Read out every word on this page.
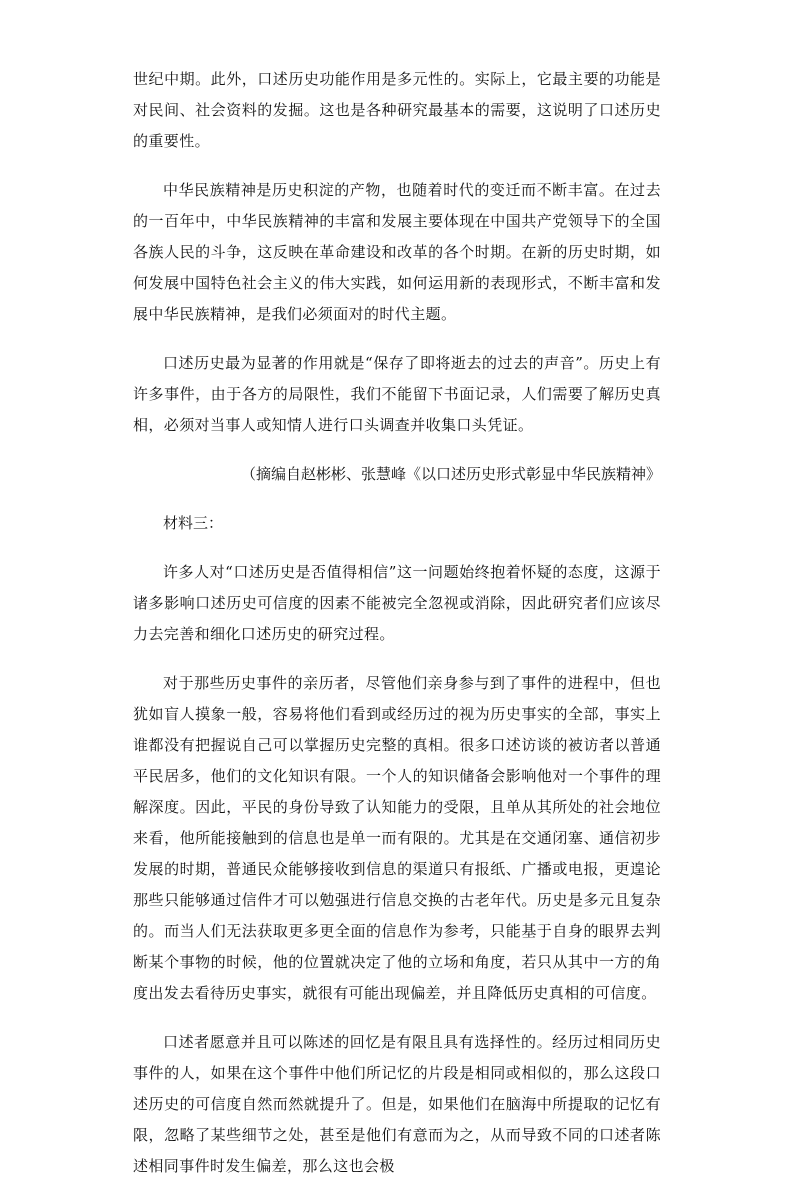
世纪中期。此外，口述历史功能作用是多元性的。实际上，它最主要的功能是对民间、社会资料的发掘。这也是各种研究最基本的需要，这说明了口述历史的重要性。

中华民族精神是历史积淀的产物，也随着时代的变迁而不断丰富。在过去的一百年中，中华民族精神的丰富和发展主要体现在中国共产党领导下的全国各族人民的斗争，这反映在革命建设和改革的各个时期。在新的历史时期，如何发展中国特色社会主义的伟大实践，如何运用新的表现形式，不断丰富和发展中华民族精神，是我们必须面对的时代主题。

口述历史最为显著的作用就是“保存了即将逝去的过去的声音”。历史上有许多事件，由于各方的局限性，我们不能留下书面记录，人们需要了解历史真相，必须对当事人或知情人进行口头调查并收集口头凭证。

（摘编自赵彬彬、张慧峰《以口述历史形式彰显中华民族精神》
材料三：

许多人对“口述历史是否值得相信”这一问题始终抱着怀疑的态度，这源于诸多影响口述历史可信度的因素不能被完全忽视或消除，因此研究者们应该尽力去完善和细化口述历史的研究过程。

对于那些历史事件的亲历者，尽管他们亲身参与到了事件的进程中，但也犹如盲人摸象一般，容易将他们看到或经历过的视为历史事实的全部，事实上谁都没有把握说自己可以掌握历史完整的真相。很多口述访谈的被访者以普通平民居多，他们的文化知识有限。一个人的知识储备会影响他对一个事件的理解深度。因此，平民的身份导致了认知能力的受限，且单从其所处的社会地位来看，他所能接触到的信息也是单一而有限的。尤其是在交通闭塞、通信初步发展的时期，普通民众能够接收到信息的渠道只有报纸、广播或电报，更遑论那些只能够通过信件才可以勉强进行信息交换的古老年代。历史是多元且复杂的。而当人们无法获取更多更全面的信息作为参考，只能基于自身的眼界去判断某个事物的时候，他的位置就决定了他的立场和角度，若只从其中一方的角度出发去看待历史事实，就很有可能出现偏差，并且降低历史真相的可信度。

口述者愿意并且可以陈述的回忆是有限且具有选择性的。经历过相同历史事件的人，如果在这个事件中他们所记忆的片段是相同或相似的，那么这段口述历史的可信度自然而然就提升了。但是，如果他们在脑海中所提取的记忆有限，忽略了某些细节之处，甚至是他们有意而为之，从而导致不同的口述者陈述相同事件时发生偏差，那么这也会极
